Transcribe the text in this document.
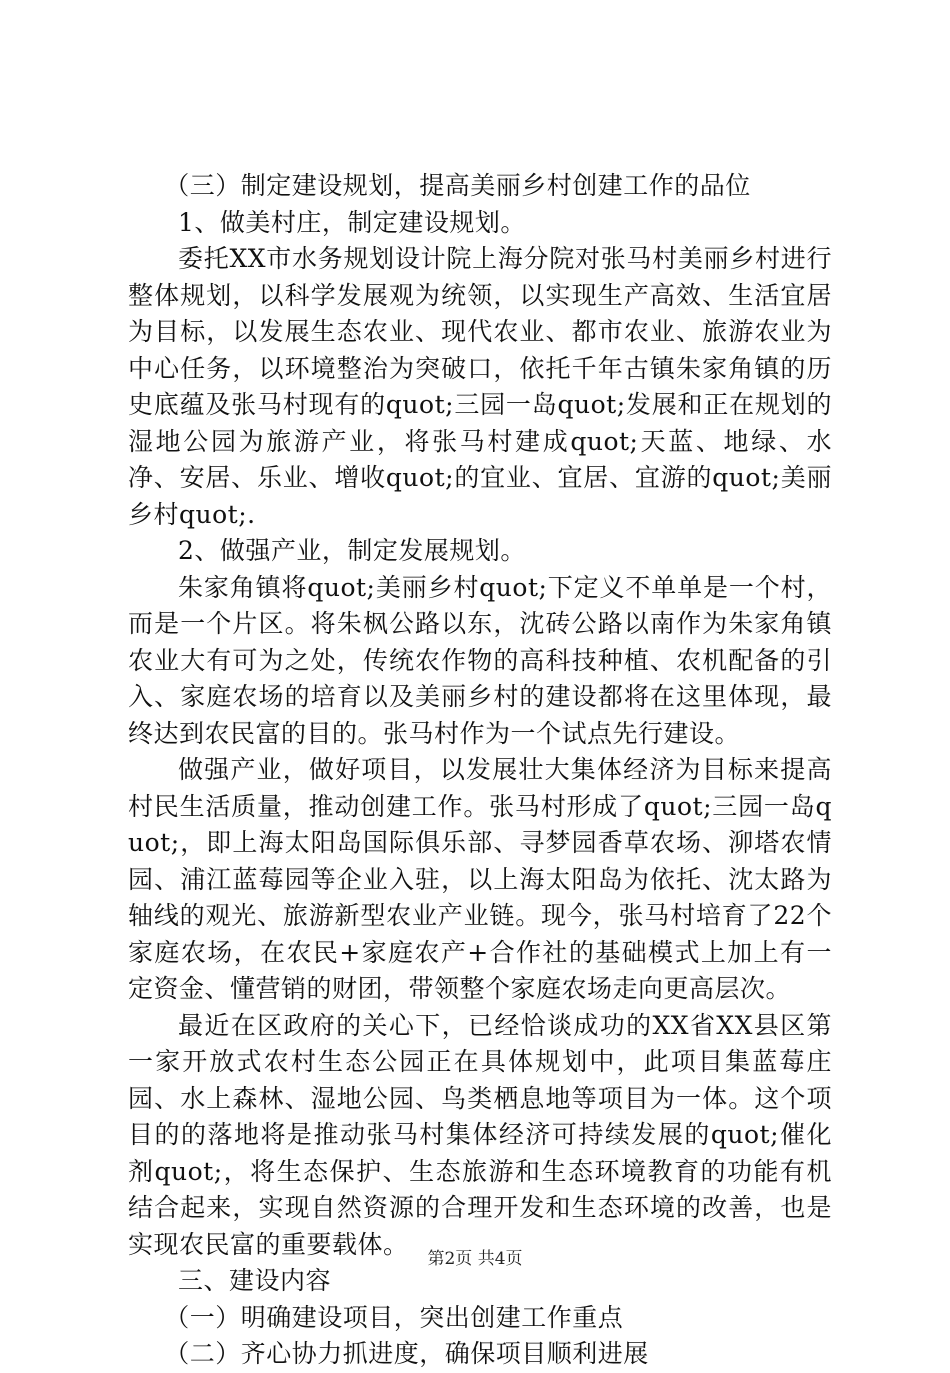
（三）制定建设规划，提高美丽乡村创建工作的品位

1、做美村庄，制定建设规划。

委托XX市水务规划设计院上海分院对张马村美丽乡村进行整体规划，以科学发展观为统领，以实现生产高效、生活宜居为目标，以发展生态农业、现代农业、都市农业、旅游农业为中心任务，以环境整治为突破口，依托千年古镇朱家角镇的历史底蕴及张马村现有的quot;三园一岛quot;发展和正在规划的湿地公园为旅游产业，将张马村建成quot;天蓝、地绿、水净、安居、乐业、增收quot;的宜业、宜居、宜游的quot;美丽乡村quot;.

2、做强产业，制定发展规划。

朱家角镇将quot;美丽乡村quot;下定义不单单是一个村，而是一个片区。将朱枫公路以东，沈砖公路以南作为朱家角镇农业大有可为之处，传统农作物的高科技种植、农机配备的引入、家庭农场的培育以及美丽乡村的建设都将在这里体现，最终达到农民富的目的。张马村作为一个试点先行建设。

做强产业，做好项目，以发展壮大集体经济为目标来提高村民生活质量，推动创建工作。张马村形成了quot;三园一岛quot;，即上海太阳岛国际俱乐部、寻梦园香草农场、泖塔农情园、浦江蓝莓园等企业入驻，以上海太阳岛为依托、沈太路为轴线的观光、旅游新型农业产业链。现今，张马村培育了22个家庭农场，在农民+家庭农产+合作社的基础模式上加上有一定资金、懂营销的财团，带领整个家庭农场走向更高层次。

最近在区政府的关心下，已经恰谈成功的XX省XX县区第一家开放式农村生态公园正在具体规划中，此项目集蓝莓庄园、水上森林、湿地公园、鸟类栖息地等项目为一体。这个项目的的落地将是推动张马村集体经济可持续发展的quot;催化剂quot;，将生态保护、生态旅游和生态环境教育的功能有机结合起来，实现自然资源的合理开发和生态环境的改善，也是实现农民富的重要载体。

三、建设内容

（一）明确建设项目，突出创建工作重点

（二）齐心协力抓进度，确保项目顺利进展

第2页 共4页
